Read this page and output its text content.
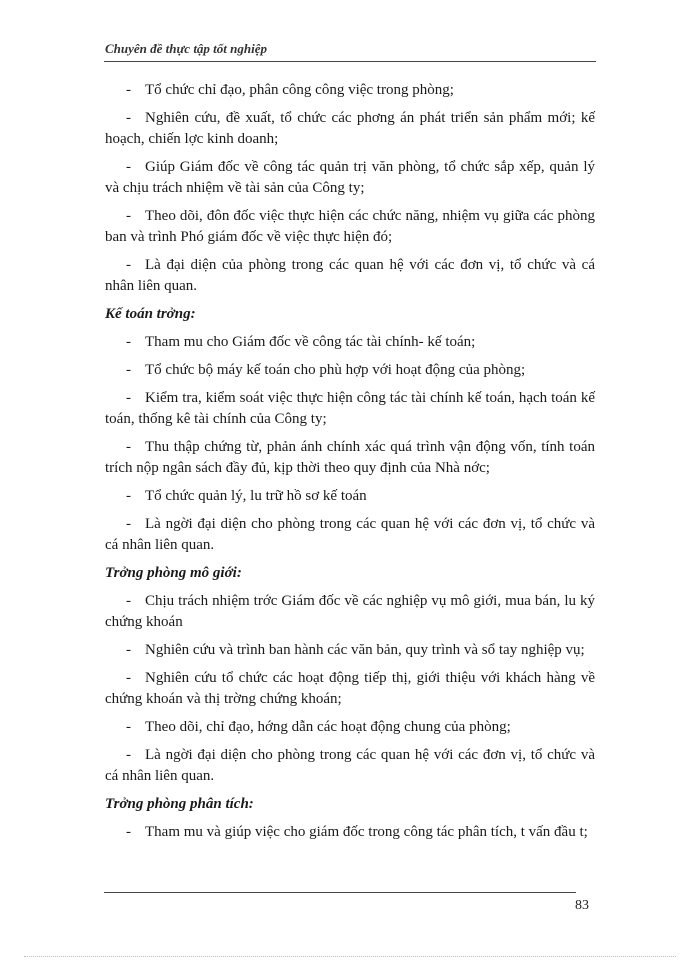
Chuyên đề thực tập tốt nghiệp
- Tổ chức chỉ đạo, phân công công việc trong phòng;
- Nghiên cứu, đề xuất, tổ chức các phơng án phát triển sản phẩm mới; kế hoạch, chiến lợc kinh doanh;
- Giúp Giám đốc về công tác quản trị văn phòng, tổ chức sắp xếp, quản lý và chịu trách nhiệm về tài sản của Công ty;
- Theo dõi, đôn đốc việc thực hiện các chức năng, nhiệm vụ giữa các phòng ban và trình Phó giám đốc về việc thực hiện đó;
- Là đại diện của phòng trong các quan hệ với các đơn vị, tổ chức và cá nhân liên quan.
Kế toán trởng:
- Tham mu cho Giám đốc về công tác tài chính- kế toán;
- Tổ chức bộ máy kế toán cho phù hợp với hoạt động của phòng;
- Kiểm tra, kiểm soát việc thực hiện công tác tài chính kế toán, hạch toán kế toán, thống kê tài chính của Công ty;
- Thu thập chứng từ, phản ánh chính xác quá trình vận động vốn, tính toán trích nộp ngân sách đầy đủ, kịp thời theo quy định của Nhà nớc;
- Tổ chức quản lý, lu trữ hồ sơ kế toán
- Là ngời đại diện cho phòng trong các quan hệ với các đơn vị, tổ chức và cá nhân liên quan.
Trởng phòng mô giới:
- Chịu trách nhiệm trớc Giám đốc về các nghiệp vụ mô giới, mua bán, lu ký chứng khoán
- Nghiên cứu và trình ban hành các văn bản, quy trình và sổ tay nghiệp vụ;
- Nghiên cứu tổ chức các hoạt động tiếp thị, giới thiệu với khách hàng về chứng khoán và thị trờng chứng khoán;
- Theo dõi, chỉ đạo, hớng dẫn các hoạt động chung của phòng;
- Là ngời đại diện cho phòng trong các quan hệ với các đơn vị, tổ chức và cá nhân liên quan.
Trởng phòng phân tích:
- Tham mu và giúp việc cho giám đốc trong công tác phân tích, t vấn đầu t;
83
